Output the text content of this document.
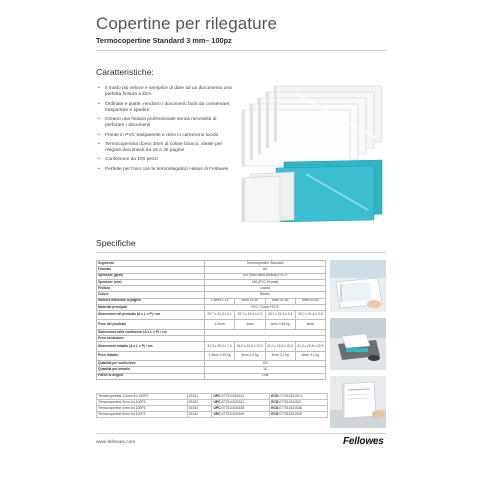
Copertine per rilegature
Termocopertine Standard 3 mm– 100pz
Caratteristiche:
• Il modo più veloce e semplice di dare ad un documento una perfetta finitura a libro
• Ordinate e piatte, rendono i documenti facili da conservare, trasportare e spedire
• Creano una finitura professionale senza necessità di perforare i documenti
• Fronte in PVC trasparente e retro in cartoncino lucido
• Termocopertina dorso 3mm di colore bianco, ideale per rilegare documenti da 16 a 30 pagine
• Confezione da 100 pezzi
• Perfette per l'uso con le termorilegatrici Helios di Fellowes
Specifiche
Segmento	Termocopertine Standard			
Formato	A4			
Spessore (gsm)	200 (retro della scheda) FSC®			
Spessore (mic)	150 (PVC Frontal)			
Finitura	Lucida			
Colore	Bianco			
Numero massimo di pagine	1,5mm 1-15	3mm 16-30	4mm 31-45	6mm 44-60
Materiali principali	PVC / Carta FSC®			
Dimensioni del prodotto (A x L x P) / cm	29,7 x 21,0 x 0,1	29,7 x 21,0 x 0,3	29,7 x 21,3 x 0,4	29,7 x 21,5 x 0,6
Peso del prodotto	1,5mm	3mm	4mm 0,63 kg	6mm
Dimensioni della confezione (A x L x P) / cm	-			
Peso confezione	-			
Dimensioni imballo (A x L x P) / cm	31,0 x 30,0 x 7,0	31,0 x 22,0 x 22,0	31,0 x 22,5 x 22,0	31,0 x 22,5 x 22,5
Peso imballo	1,5mm 2,93 kg	3mm 3,0 kg	4mm 3,1 kg	6mm 3,1 kg
Quantità per confezione	100			
Quantità per imballo	10			
Paese di origine	Cina			
Termocopertine 1,5mm A4 100PZ	53151	UPC:077511531514	ECS:077511531514
Termocopertine 3mm A4 100PZ	53152	UPC:077511531521	ECS:077511531521
Termocopertine 4mm A4 100PZ	53153	UPC:077511531538	ECS:077511531538
Termocopertine 6mm A4 100PZ	53154	UPC:077511531545	ECS:077511531545
www.fellowes.com	Fellowes
